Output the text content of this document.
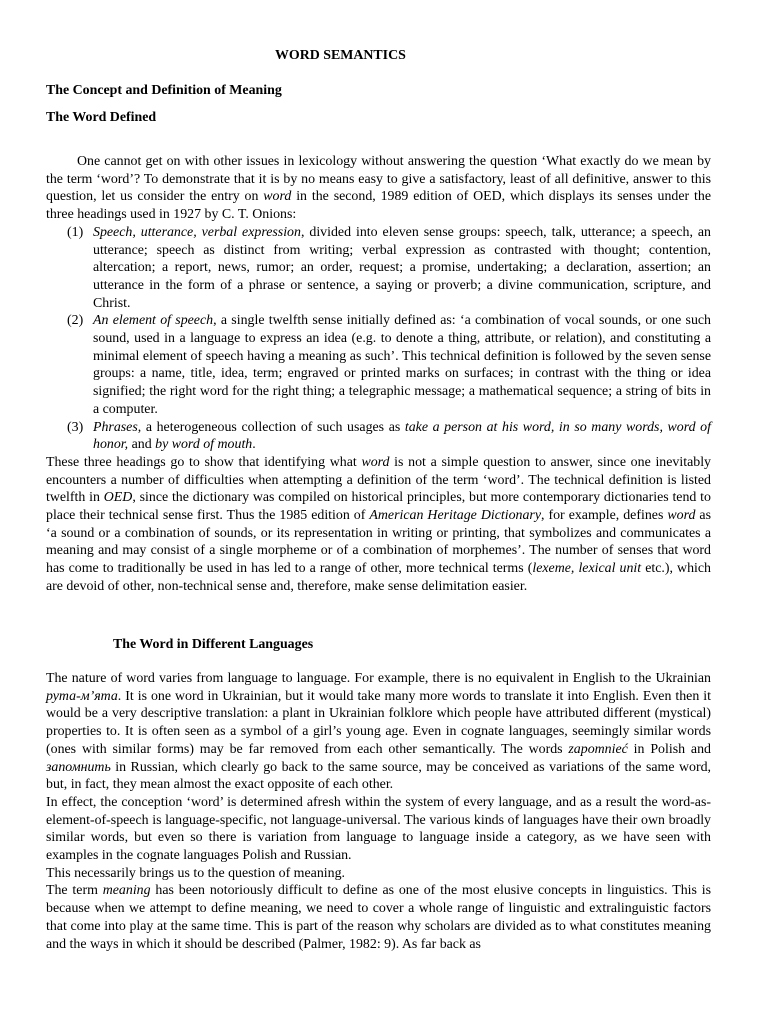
WORD SEMANTICS
The Concept and Definition of Meaning
The Word Defined

One cannot get on with other issues in lexicology without answering the question ‘What exactly do we mean by the term ‘word’? To demonstrate that it is by no means easy to give a satisfactory, least of all definitive, answer to this question, let us consider the entry on word in the second, 1989 edition of OED, which displays its senses under the three headings used in 1927 by C. T. Onions:

(1) Speech, utterance, verbal expression, divided into eleven sense groups: speech, talk, utterance; a speech, an utterance; speech as distinct from writing; verbal expression as contrasted with thought; contention, altercation; a report, news, rumor; an order, request; a promise, undertaking; a declaration, assertion; an utterance in the form of a phrase or sentence, a saying or proverb; a divine communication, scripture, and Christ.
(2) An element of speech, a single twelfth sense initially defined as: ‘a combination of vocal sounds, or one such sound, used in a language to express an idea (e.g. to denote a thing, attribute, or relation), and constituting a minimal element of speech having a meaning as such’. This technical definition is followed by the seven sense groups: a name, title, idea, term; engraved or printed marks on surfaces; in contrast with the thing or idea signified; the right word for the right thing; a telegraphic message; a mathematical sequence; a string of bits in a computer.
(3) Phrases, a heterogeneous collection of such usages as take a person at his word, in so many words, word of honor, and by word of mouth.

These three headings go to show that identifying what word is not a simple question to answer, since one inevitably encounters a number of difficulties when attempting a definition of the term ‘word’. The technical definition is listed twelfth in OED, since the dictionary was compiled on historical principles, but more contemporary dictionaries tend to place their technical sense first. Thus the 1985 edition of American Heritage Dictionary, for example, defines word as ‘a sound or a combination of sounds, or its representation in writing or printing, that symbolizes and communicates a meaning and may consist of a single morpheme or of a combination of morphemes’. The number of senses that word has come to traditionally be used in has led to a range of other, more technical terms (lexeme, lexical unit etc.), which are devoid of other, non-technical sense and, therefore, make sense delimitation easier.

The Word in Different Languages

The nature of word varies from language to language. For example, there is no equivalent in English to the Ukrainian рута-м’ята. It is one word in Ukrainian, but it would take many more words to translate it into English. Even then it would be a very descriptive translation: a plant in Ukrainian folklore which people have attributed different (mystical) properties to. It is often seen as a symbol of a girl’s young age. Even in cognate languages, seemingly similar words (ones with similar forms) may be far removed from each other semantically. The words zapomnieć in Polish and запомнить in Russian, which clearly go back to the same source, may be conceived as variations of the same word, but, in fact, they mean almost the exact opposite of each other.

In effect, the conception ‘word’ is determined afresh within the system of every language, and as a result the word-as-element-of-speech is language-specific, not language-universal. The various kinds of languages have their own broadly similar words, but even so there is variation from language to language inside a category, as we have seen with examples in the cognate languages Polish and Russian.

This necessarily brings us to the question of meaning.

The term meaning has been notoriously difficult to define as one of the most elusive concepts in linguistics. This is because when we attempt to define meaning, we need to cover a whole range of linguistic and extralinguistic factors that come into play at the same time. This is part of the reason why scholars are divided as to what constitutes meaning and the ways in which it should be described (Palmer, 1982: 9). As far back as
